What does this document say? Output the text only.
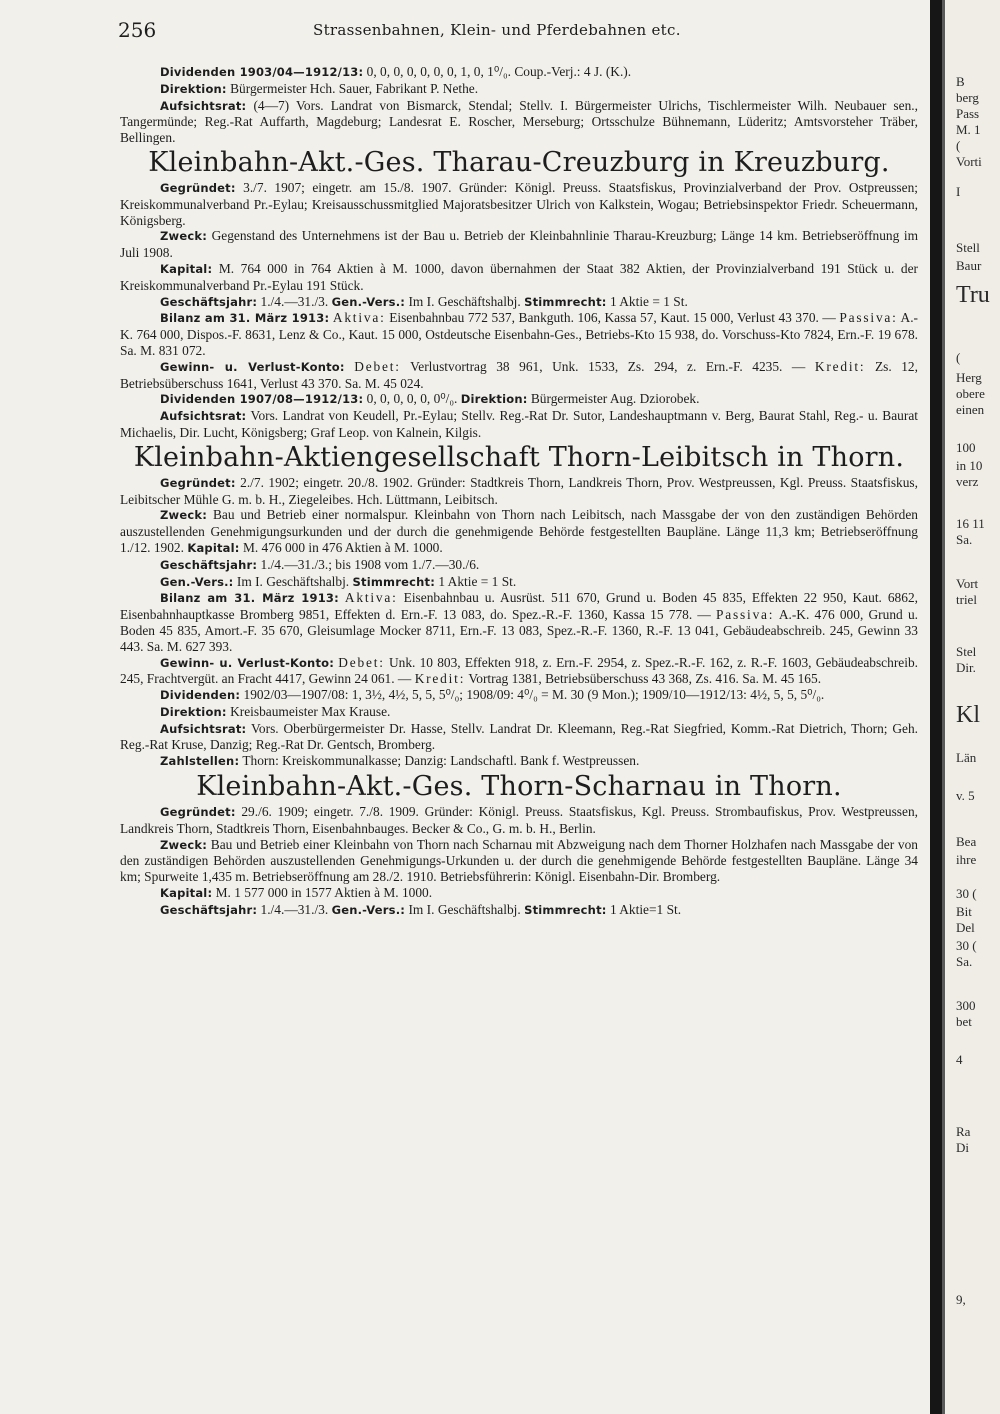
256	Strassenbahnen, Klein- und Pferdebahnen etc.

Dividenden 1903/04—1912/13: 0, 0, 0, 0, 0, 0, 0, 1, 0, 1⁰/₀. Coup.-Verj.: 4 J. (K.).

Direktion: Bürgermeister Hch. Sauer, Fabrikant P. Nethe.

Aufsichtsrat: (4—7) Vors. Landrat von Bismarck, Stendal; Stellv. I. Bürgermeister Ulrichs, Tischlermeister Wilh. Neubauer sen., Tangermünde; Reg.-Rat Auffarth, Magdeburg; Landesrat E. Roscher, Merseburg; Ortsschulze Bühnemann, Lüderitz; Amtsvorsteher Träber, Bellingen.

Kleinbahn-Akt.-Ges. Tharau-Creuzburg in Kreuzburg.

Gegründet: 3./7. 1907; eingetr. am 15./8. 1907. Gründer: Königl. Preuss. Staatsfiskus, Provinzialverband der Prov. Ostpreussen; Kreiskommunalverband Pr.-Eylau; Kreisausschussmitglied Majoratsbesitzer Ulrich von Kalkstein, Wogau; Betriebsinspektor Friedr. Scheuermann, Königsberg.

Zweck: Gegenstand des Unternehmens ist der Bau u. Betrieb der Kleinbahnlinie Tharau-Kreuzburg; Länge 14 km. Betriebseröffnung im Juli 1908.

Kapital: M. 764 000 in 764 Aktien à M. 1000, davon übernahmen der Staat 382 Aktien, der Provinzialverband 191 Stück u. der Kreiskommunalverband Pr.-Eylau 191 Stück.

Geschäftsjahr: 1./4.—31./3. Gen.-Vers.: Im I. Geschäftshalbj. Stimmrecht: 1 Aktie = 1 St.

Bilanz am 31. März 1913: Aktiva: Eisenbahnbau 772 537, Bankguth. 106, Kassa 57, Kaut. 15 000, Verlust 43 370. — Passiva: A.-K. 764 000, Dispos.-F. 8631, Lenz & Co., Kaut. 15 000, Ostdeutsche Eisenbahn-Ges., Betriebs-Kto 15 938, do. Vorschuss-Kto 7824, Ern.-F. 19 678. Sa. M. 831 072.

Gewinn- u. Verlust-Konto: Debet: Verlustvortrag 38 961, Unk. 1533, Zs. 294, z. Ern.-F. 4235. — Kredit: Zs. 12, Betriebsüberschuss 1641, Verlust 43 370. Sa. M. 45 024.

Dividenden 1907/08—1912/13: 0, 0, 0, 0, 0, 0⁰/₀. Direktion: Bürgermeister Aug. Dziorobek.

Aufsichtsrat: Vors. Landrat von Keudell, Pr.-Eylau; Stellv. Reg.-Rat Dr. Sutor, Landeshauptmann v. Berg, Baurat Stahl, Reg.- u. Baurat Michaelis, Dir. Lucht, Königsberg; Graf Leop. von Kalnein, Kilgis.

Kleinbahn-Aktiengesellschaft Thorn-Leibitsch in Thorn.

Gegründet: 2./7. 1902; eingetr. 20./8. 1902. Gründer: Stadtkreis Thorn, Landkreis Thorn, Prov. Westpreussen, Kgl. Preuss. Staatsfiskus, Leibitscher Mühle G. m. b. H., Ziegeleibes. Hch. Lüttmann, Leibitsch.

Zweck: Bau und Betrieb einer normalspur. Kleinbahn von Thorn nach Leibitsch, nach Massgabe der von den zuständigen Behörden auszustellenden Genehmigungsurkunden und der durch die genehmigende Behörde festgestellten Baupläne. Länge 11,3 km; Betriebseröffnung 1./12. 1902. Kapital: M. 476 000 in 476 Aktien à M. 1000.

Geschäftsjahr: 1./4.—31./3.; bis 1908 vom 1./7.—30./6.

Gen.-Vers.: Im I. Geschäftshalbj. Stimmrecht: 1 Aktie = 1 St.

Bilanz am 31. März 1913: Aktiva: Eisenbahnbau u. Ausrüst. 511 670, Grund u. Boden 45 835, Effekten 22 950, Kaut. 6862, Eisenbahnhauptkasse Bromberg 9851, Effekten d. Ern.-F. 13 083, do. Spez.-R.-F. 1360, Kassa 15 778. — Passiva: A.-K. 476 000, Grund u. Boden 45 835, Amort.-F. 35 670, Gleisumlage Mocker 8711, Ern.-F. 13 083, Spez.-R.-F. 1360, R.-F. 13 041, Gebäudeabschreib. 245, Gewinn 33 443. Sa. M. 627 393.

Gewinn- u. Verlust-Konto: Debet: Unk. 10 803, Effekten 918, z. Ern.-F. 2954, z. Spez.-R.-F. 162, z. R.-F. 1603, Gebäudeabschreib. 245, Frachtvergüt. an Fracht 4417, Gewinn 24 061. — Kredit: Vortrag 1381, Betriebsüberschuss 43 368, Zs. 416. Sa. M. 45 165.

Dividenden: 1902/03—1907/08: 1, 3½, 4½, 5, 5, 5⁰/₀; 1908/09: 4⁰/₀ = M. 30 (9 Mon.); 1909/10—1912/13: 4½, 5, 5, 5⁰/₀.

Direktion: Kreisbaumeister Max Krause.

Aufsichtsrat: Vors. Oberbürgermeister Dr. Hasse, Stellv. Landrat Dr. Kleemann, Reg.-Rat Siegfried, Komm.-Rat Dietrich, Thorn; Geh. Reg.-Rat Kruse, Danzig; Reg.-Rat Dr. Gentsch, Bromberg.

Zahlstellen: Thorn: Kreiskommunalkasse; Danzig: Landschaftl. Bank f. Westpreussen.

Kleinbahn-Akt.-Ges. Thorn-Scharnau in Thorn.

Gegründet: 29./6. 1909; eingetr. 7./8. 1909. Gründer: Königl. Preuss. Staatsfiskus, Kgl. Preuss. Strombaufiskus, Prov. Westpreussen, Landkreis Thorn, Stadtkreis Thorn, Eisenbahnbauges. Becker & Co., G. m. b. H., Berlin.

Zweck: Bau und Betrieb einer Kleinbahn von Thorn nach Scharnau mit Abzweigung nach dem Thorner Holzhafen nach Massgabe der von den zuständigen Behörden auszustellenden Genehmigungs-Urkunden u. der durch die genehmigende Behörde festgestellten Baupläne. Länge 34 km; Spurweite 1,435 m. Betriebseröffnung am 28./2. 1910. Betriebsführerin: Königl. Eisenbahn-Dir. Bromberg.

Kapital: M. 1 577 000 in 1577 Aktien à M. 1000.

Geschäftsjahr: 1./4.—31./3. Gen.-Vers.: Im I. Geschäftshalbj. Stimmrecht: 1 Aktie=1 St.

B
berg
Pass
M. 1
(
Vorti
I
Stell
Baur
Tru
(
Herg
obere
einen
100
in 10
verz
16 11
Sa.
Vort
triel
Stel
Dir.
Kl
Län
v. 5
Bea
ihre
30 (
Bit
Del
30 (
Sa.
300
bet
4
Ra
Di
9,
